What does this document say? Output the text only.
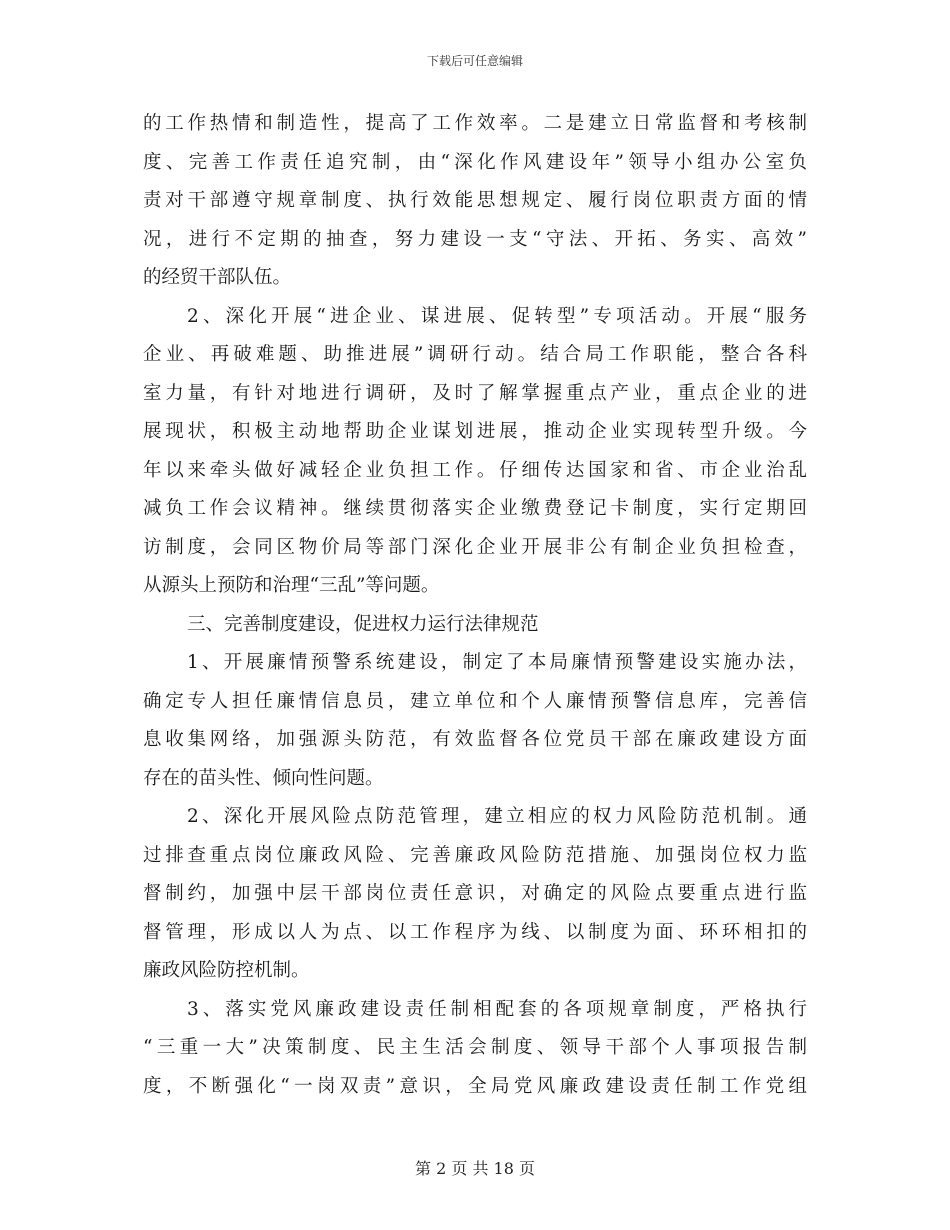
下载后可任意编辑
的工作热情和制造性，提高了工作效率。二是建立日常监督和考核制
度、完善工作责任追究制，由“深化作风建设年”领导小组办公室负
责对干部遵守规章制度、执行效能思想规定、履行岗位职责方面的情
况，进行不定期的抽查，努力建设一支“守法、开拓、务实、高效”
的经贸干部队伍。
2、深化开展“进企业、谋进展、促转型”专项活动。开展“服务
企业、再破难题、助推进展”调研行动。结合局工作职能，整合各科
室力量，有针对地进行调研，及时了解掌握重点产业，重点企业的进
展现状，积极主动地帮助企业谋划进展，推动企业实现转型升级。今
年以来牵头做好减轻企业负担工作。仔细传达国家和省、市企业治乱
减负工作会议精神。继续贯彻落实企业缴费登记卡制度，实行定期回
访制度，会同区物价局等部门深化企业开展非公有制企业负担检查，
从源头上预防和治理“三乱”等问题。
三、完善制度建设，促进权力运行法律规范
1、开展廉情预警系统建设，制定了本局廉情预警建设实施办法，
确定专人担任廉情信息员，建立单位和个人廉情预警信息库，完善信
息收集网络，加强源头防范，有效监督各位党员干部在廉政建设方面
存在的苗头性、倾向性问题。
2、深化开展风险点防范管理，建立相应的权力风险防范机制。通
过排查重点岗位廉政风险、完善廉政风险防范措施、加强岗位权力监
督制约，加强中层干部岗位责任意识，对确定的风险点要重点进行监
督管理，形成以人为点、以工作程序为线、以制度为面、环环相扣的
廉政风险防控机制。
3、落实党风廉政建设责任制相配套的各项规章制度，严格执行
“三重一大”决策制度、民主生活会制度、领导干部个人事项报告制
度，不断强化“一岗双责”意识，全局党风廉政建设责任制工作党组
第 2 页 共 18 页
